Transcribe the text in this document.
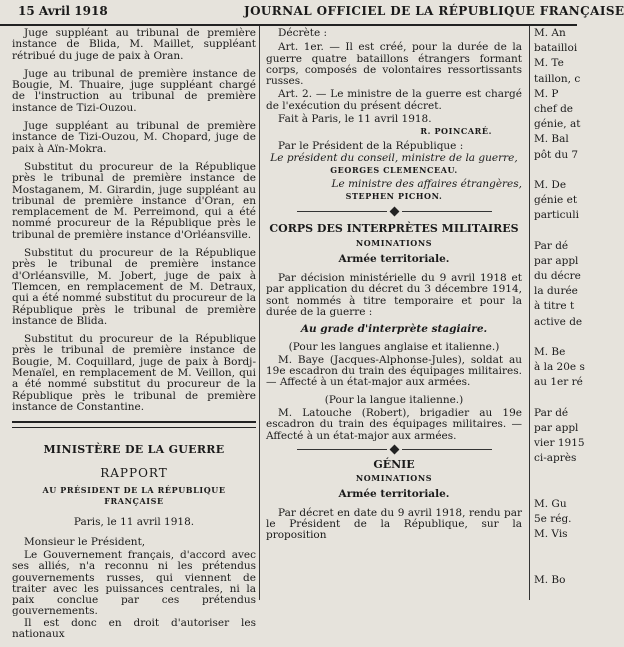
15 Avril 1918	JOURNAL OFFICIEL DE LA RÉPUBLIQUE FRANÇAISE

Juge suppléant au tribunal de première instance de Blida, M. Maillet, suppléant rétribué du juge de paix à Oran.

Juge au tribunal de première instance de Bougie, M. Thuaire, juge suppléant chargé de l'instruction au tribunal de première instance de Tizi-Ouzou.

Juge suppléant au tribunal de première instance de Tizi-Ouzou, M. Chopard, juge de paix à Aïn-Mokra.

Substitut du procureur de la République près le tribunal de première instance de Mostaganem, M. Girardin, juge suppléant au tribunal de première instance d'Oran, en remplacement de M. Perreimond, qui a été nommé procureur de la République près le tribunal de première instance d'Orléansville.

Substitut du procureur de la République près le tribunal de première instance d'Orléansville, M. Jobert, juge de paix à Tlemcen, en remplacement de M. Detraux, qui a été nommé substitut du procureur de la République près le tribunal de première instance de Blida.

Substitut du procureur de la République près le tribunal de première instance de Bougie, M. Coquillard, juge de paix à Bordj-Menaïel, en remplacement de M. Veillon, qui a été nommé substitut du procureur de la République près le tribunal de première instance de Constantine.

MINISTÈRE DE LA GUERRE
RAPPORT
AU PRÉSIDENT DE LA RÉPUBLIQUE FRANÇAISE
Paris, le 11 avril 1918.

Monsieur le Président,

Le Gouvernement français, d'accord avec ses alliés, n'a reconnu ni les prétendus gouvernements russes, qui viennent de traiter avec les puissances centrales, ni la paix conclue par ces prétendus gouvernements.

Il est donc en droit d'autoriser les nationaux

Décrète :

Art. 1er. — Il est créé, pour la durée de la guerre quatre bataillons étrangers formant corps, composés de volontaires ressortissants russes.

Art. 2. — Le ministre de la guerre est chargé de l'exécution du présent décret.

Fait à Paris, le 11 avril 1918.

R. POINCARÉ.

Par le Président de la République :

Le président du conseil, ministre de la guerre,
GEORGES CLEMENCEAU.
Le ministre des affaires étrangères,
STEPHEN PICHON.
CORPS DES INTERPRÈTES MILITAIRES
NOMINATIONS
Armée territoriale.

Par décision ministérielle du 9 avril 1918 et par application du décret du 3 décembre 1914, sont nommés à titre temporaire et pour la durée de la guerre :

Au grade d'interprète stagiaire.
(Pour les langues anglaise et italienne.)

M. Baye (Jacques-Alphonse-Jules), soldat au 19e escadron du train des équipages militaires. — Affecté à un état-major aux armées.

(Pour la langue italienne.)

M. Latouche (Robert), brigadier au 19e escadron du train des équipages militaires. — Affecté à un état-major aux armées.

GÉNIE
NOMINATIONS
Armée territoriale.

Par décret en date du 9 avril 1918, rendu par le Président de la République, sur la proposition

M. An
batailloi
M. Te
taillon, c
M. P
chef de
génie, at
M. Bal
pôt du 7
M. De
génie et
particuli
Par dé
par appl
du décre
la durée
à titre t
active de
M. Be
à la 20e s
au 1er ré
Par dé
par appl
vier 1915
ci-après
M. Gu
5e rég.
M. Vis
M. Bo
